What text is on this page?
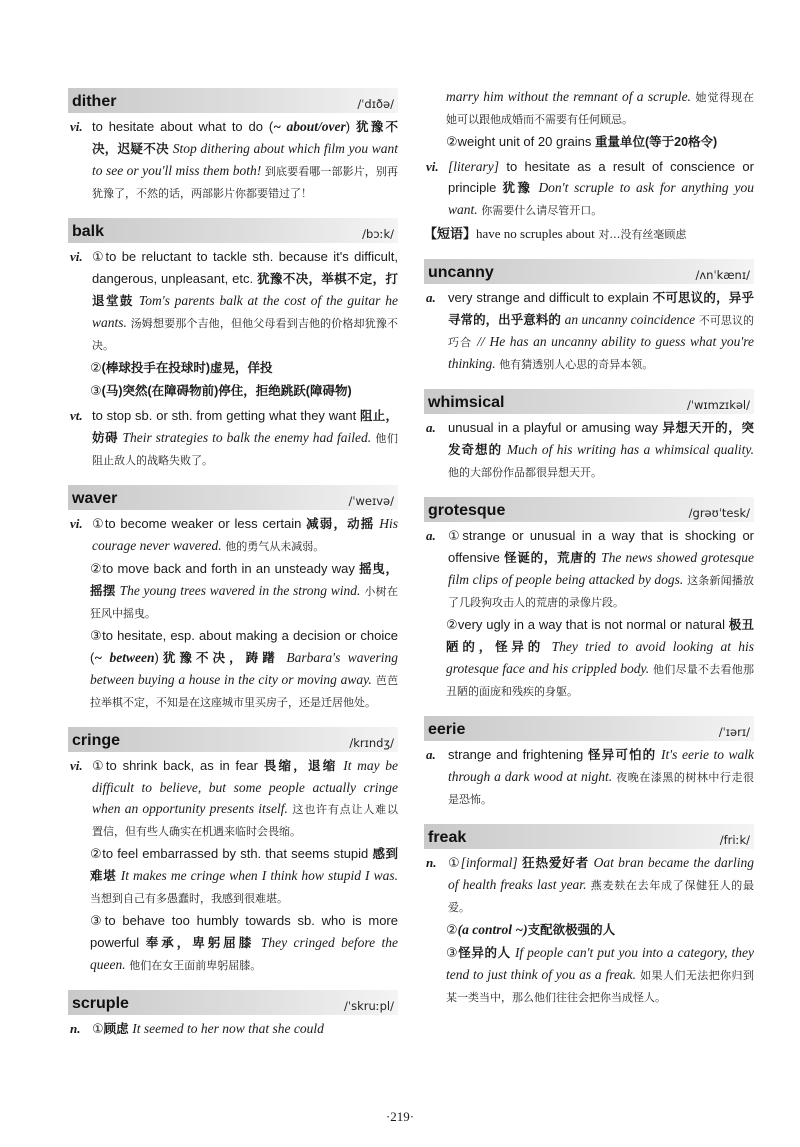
dither	/ˈdɪðə/
vi. to hesitate about what to do (~ about/over) 犹豫不决，迟疑不决 Stop dithering about which film you want to see or you'll miss them both! 到底要看哪一部影片，别再犹豫了，不然的话，两部影片你都要错过了！
balk	/bɔːk/
vi. ①to be reluctant to tackle sth. because it's difficult, dangerous, unpleasant, etc. 犹豫不决，举棋不定，打退堂鼓 Tom's parents balk at the cost of the guitar he wants. 汤姆想要那个吉他，但他父母看到吉他的价格却犹豫不决。
②(棒球投手在投球时)虚晃，佯投
③(马)突然(在障碍物前)停住，拒绝跳跃(障碍物)
vt. to stop sb. or sth. from getting what they want 阻止，妨碍 Their strategies to balk the enemy had failed. 他们阻止敌人的战略失败了。
waver	/ˈweɪvə/
vi. ①to become weaker or less certain 减弱，动摇 His courage never wavered. 他的勇气从未减弱。
②to move back and forth in an unsteady way 摇曳，摇摆 The young trees wavered in the strong wind. 小树在狂风中摇曳。
③to hesitate, esp. about making a decision or choice (~ between)犹豫不决，踌躇 Barbara's wavering between buying a house in the city or moving away. 芭芭拉举棋不定，不知是在这座城市里买房子，还是迁居他处。
cringe	/krɪndʒ/
vi. ①to shrink back, as in fear 畏缩，退缩 It may be difficult to believe, but some people actually cringe when an opportunity presents itself. 这也许有点让人难以置信，但有些人确实在机遇来临时会畏缩。
②to feel embarrassed by sth. that seems stupid 感到难堪 It makes me cringe when I think how stupid I was. 当想到自己有多愚蠢时，我感到很难堪。
③to behave too humbly towards sb. who is more powerful 奉承，卑躬屈膝 They cringed before the queen. 他们在女王面前卑躬屈膝。
scruple	/ˈskruːpl/
n. ①顾虑 It seemed to her now that she could
marry him without the remnant of a scruple. 她觉得现在她可以跟他成婚而不需要有任何顾忌。
②weight unit of 20 grains 重量单位(等于20格令)
vi. [literary] to hesitate as a result of conscience or principle 犹豫 Don't scruple to ask for anything you want. 你需要什么请尽管开口。
【短语】have no scruples about 对…没有丝毫顾虑
uncanny	/ʌnˈkænɪ/
a. very strange and difficult to explain 不可思议的，异乎寻常的，出乎意料的 an uncanny coincidence 不可思议的巧合 // He has an uncanny ability to guess what you're thinking. 他有猜透别人心思的奇异本领。
whimsical	/ˈwɪmzɪkəl/
a. unusual in a playful or amusing way 异想天开的，突发奇想的 Much of his writing has a whimsical quality. 他的大部份作品都很异想天开。
grotesque	/grəʊˈtesk/
a. ①strange or unusual in a way that is shocking or offensive 怪诞的，荒唐的 The news showed grotesque film clips of people being attacked by dogs. 这条新闻播放了几段狗攻击人的荒唐的录像片段。
②very ugly in a way that is not normal or natural 极丑陋的，怪异的 They tried to avoid looking at his grotesque face and his crippled body. 他们尽量不去看他那丑陋的面庞和残疾的身躯。
eerie	/ˈɪərɪ/
a. strange and frightening 怪异可怕的 It's eerie to walk through a dark wood at night. 夜晚在漆黑的树林中行走很是恐怖。
freak	/friːk/
n. ①[informal] 狂热爱好者 Oat bran became the darling of health freaks last year. 燕麦麸在去年成了保健狂人的最爱。
②(a control ~)支配欲极强的人
③怪异的人 If people can't put you into a category, they tend to just think of you as a freak. 如果人们无法把你归到某一类当中，那么他们往往会把你当成怪人。
·219·
